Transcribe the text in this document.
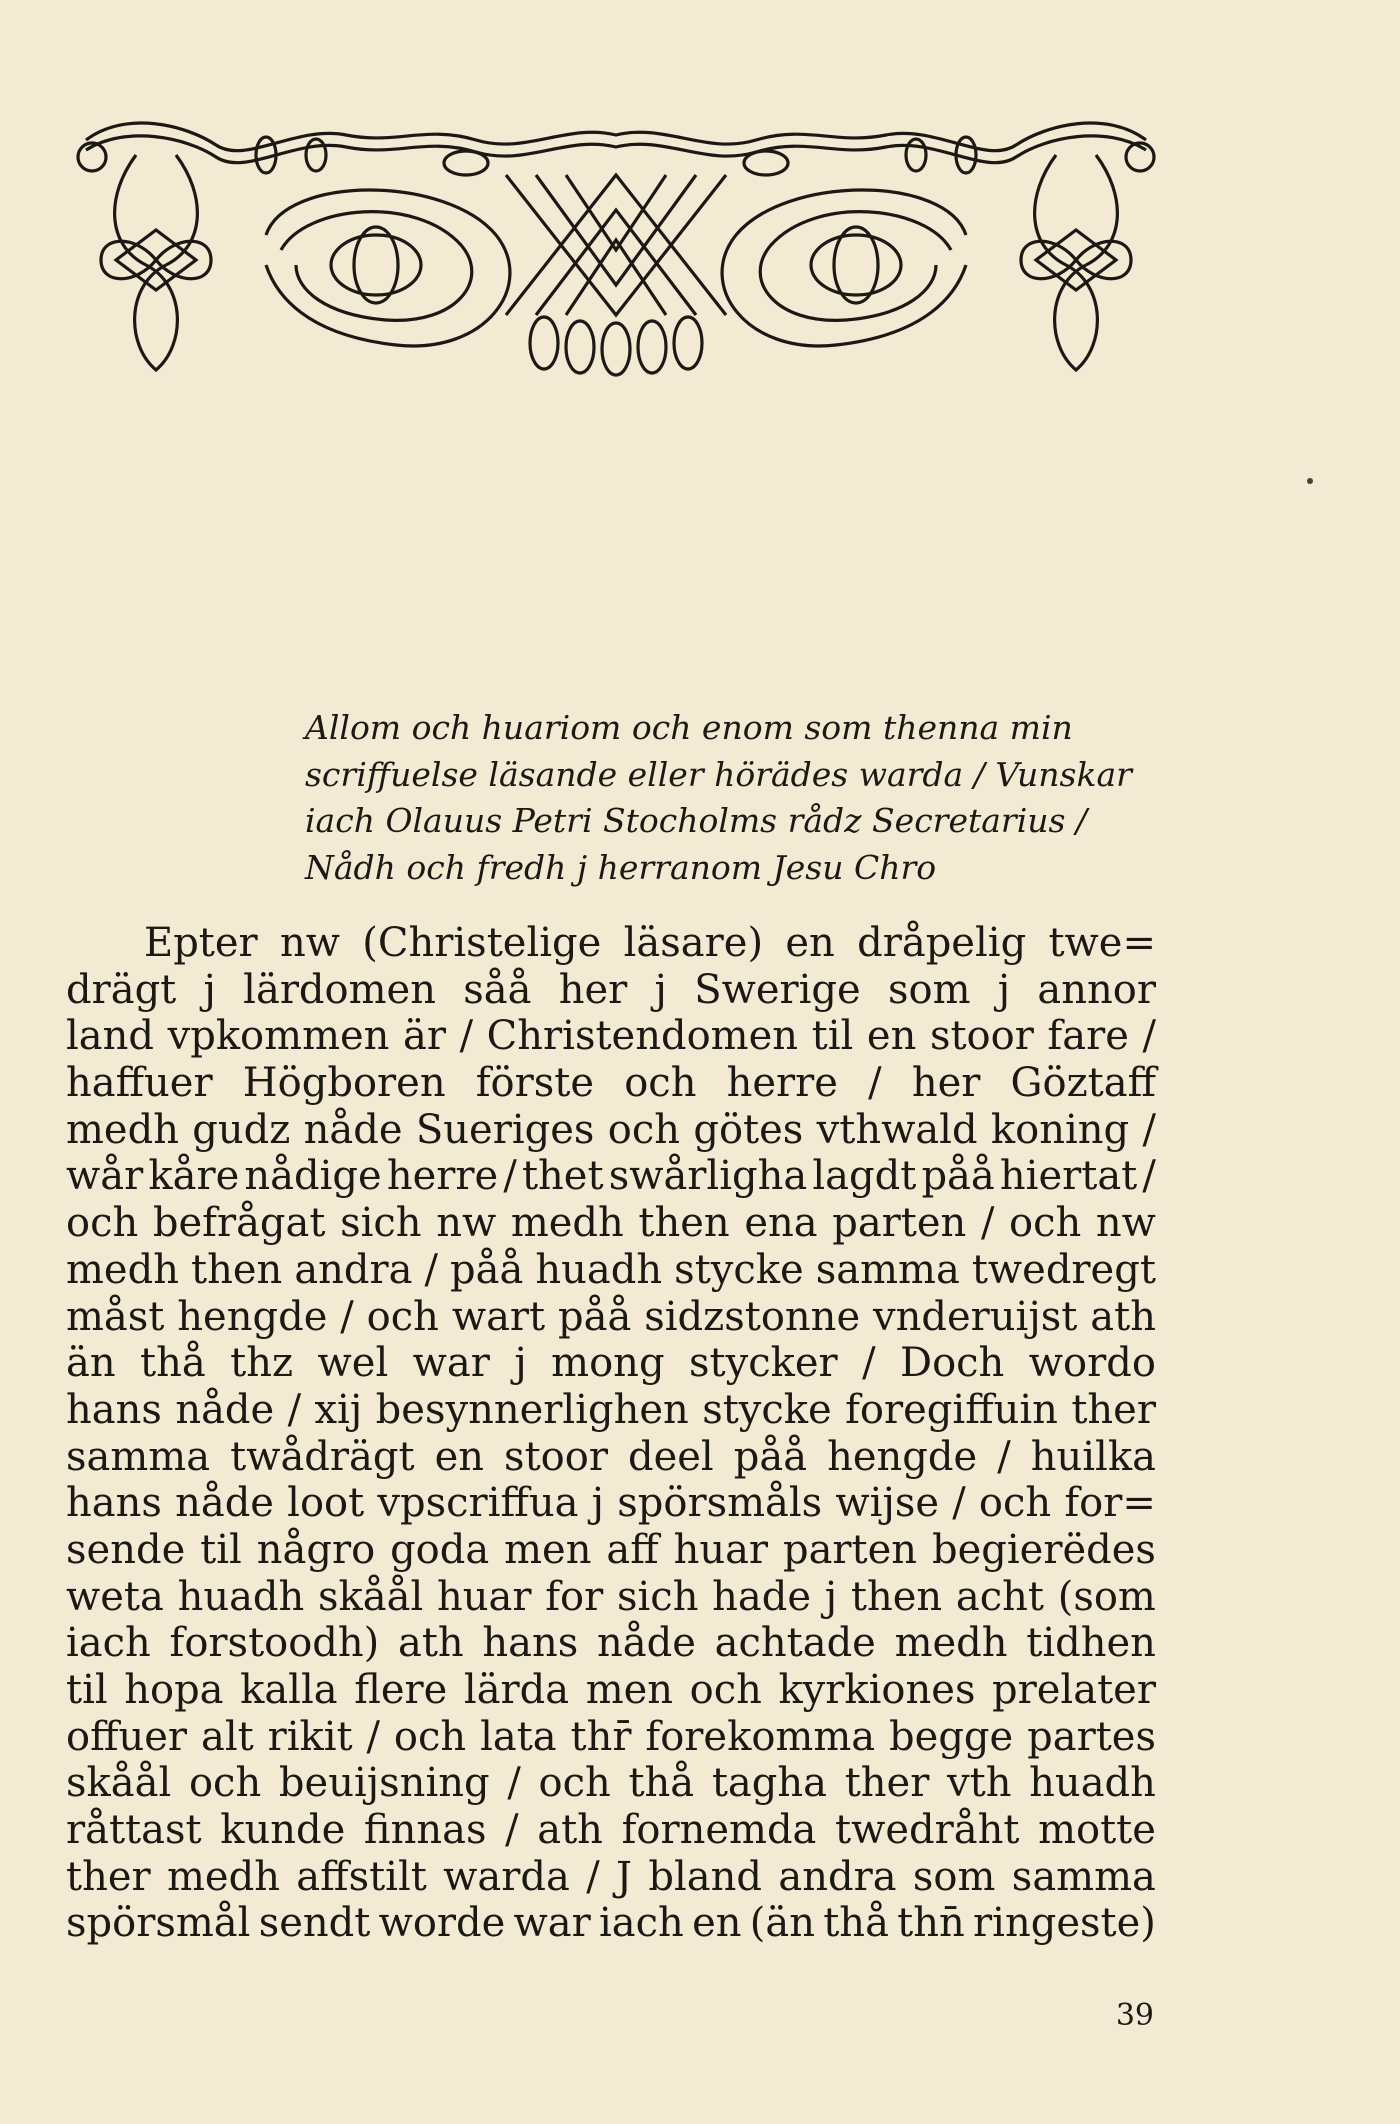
Allom och huariom och enom som thenna min
scriffuelse läsande eller hörädes warda / Vunskar
iach Olauus Petri Stocholms rådz Secretarius /
Nådh och fredh j herranom Jesu Chro
Epter nw (Christelige läsare) en dråpelig twe=
drägt j lärdomen såå her j Swerige som j annor
land vpkommen är / Christendomen til en stoor fare /
haffuer Högboren förste och herre / her Göztaff
medh gudz nåde Sueriges och götes vthwald koning /
wår kåre nådige herre / thet swårligha lagdt påå hiertat /
och befrågat sich nw medh then ena parten / och nw
medh then andra / påå huadh stycke samma twedregt
måst hengde / och wart påå sidzstonne vnderuijst ath
än thå thz wel war j mong stycker / Doch wordo
hans nåde / xij besynnerlighen stycke foregiffuin ther
samma twådrägt en stoor deel påå hengde / huilka
hans nåde loot vpscriffua j spörsmåls wijse / och for=
sende til någro goda men aff huar parten begierëdes
weta huadh skåål huar for sich hade j then acht (som
iach forstoodh) ath hans nåde achtade medh tidhen
til hopa kalla flere lärda men och kyrkiones prelater
offuer alt rikit / och lata thr̄ forekomma begge partes
skåål och beuijsning / och thå tagha ther vth huadh
råttast kunde finnas / ath fornemda twedråht motte
ther medh affstilt warda / J bland andra som samma
spörsmål sendt worde war iach en (än thå thn̄ ringeste)
39
